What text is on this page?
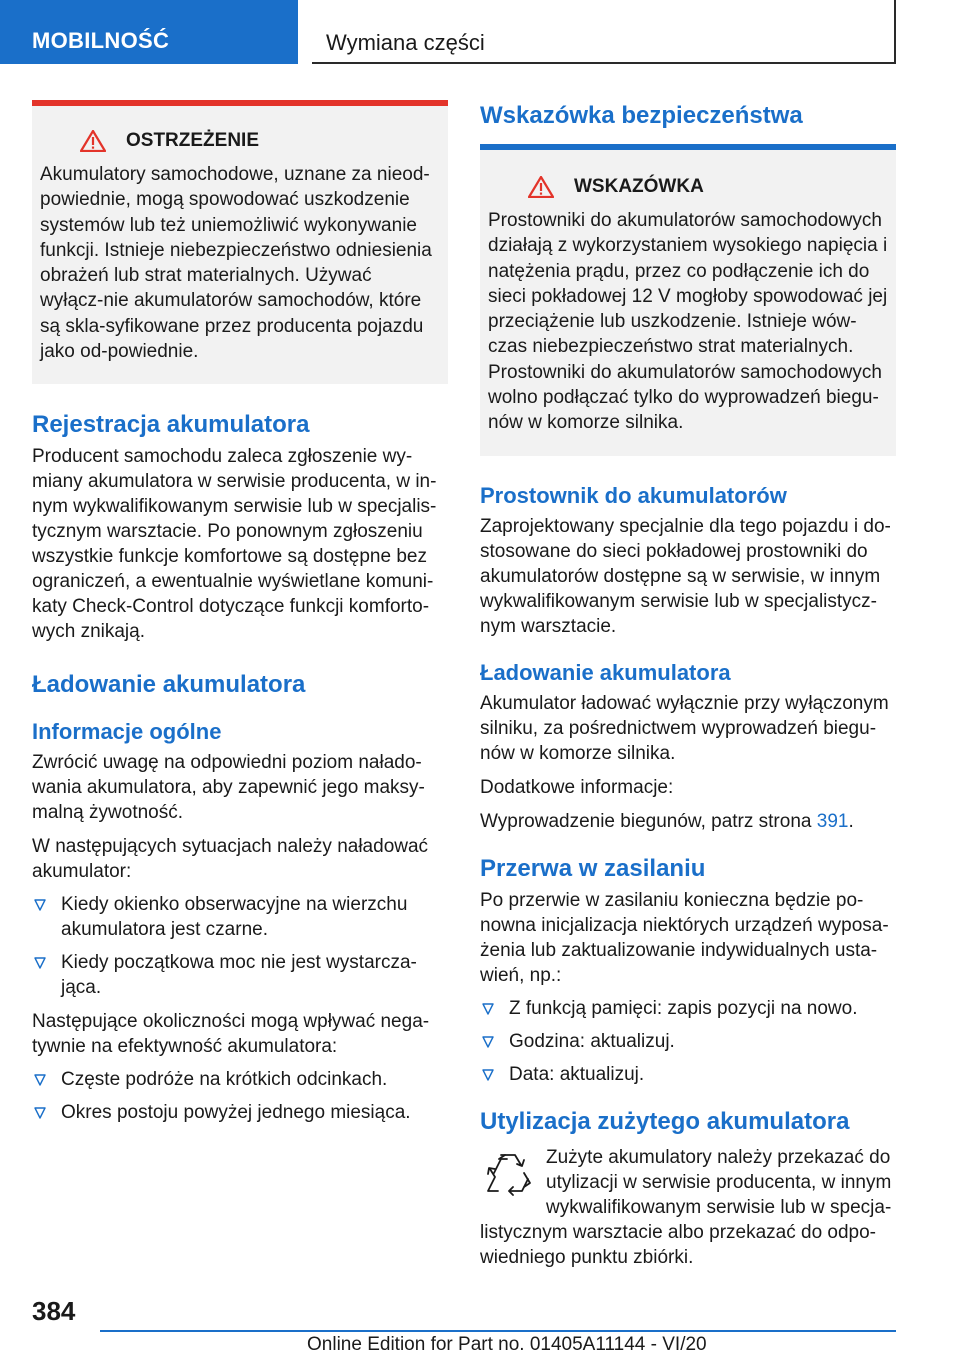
MOBILNOŚĆ	Wymiana części
OSTRZEŻENIE

Akumulatory samochodowe, uznane za nieod-powiednie, mogą spowodować uszkodzenie systemów lub też uniemożliwić wykonywanie funkcji. Istnieje niebezpieczeństwo odniesienia obrażeń lub strat materialnych. Używać wyłącz-nie akumulatorów samochodów, które są skla-syfikowane przez producenta pojazdu jako od-powiednie.

Rejestracja akumulatora

Producent samochodu zaleca zgłoszenie wy-miany akumulatora w serwisie producenta, w in-nym wykwalifikowanym serwisie lub w specjalis-tycznym warsztacie. Po ponownym zgłoszeniu wszystkie funkcje komfortowe są dostępne bez ograniczeń, a ewentualnie wyświetlane komuni-katy Check-Control dotyczące funkcji komforto-wych znikają.

Ładowanie akumulatora
Informacje ogólne

Zwrócić uwagę na odpowiedni poziom nałado-wania akumulatora, aby zapewnić jego maksy-malną żywotność.

W następujących sytuacjach należy naładować akumulator:

Kiedy okienko obserwacyjne na wierzchu akumulatora jest czarne.
Kiedy początkowa moc nie jest wystarcza-jąca.

Następujące okoliczności mogą wpływać nega-tywnie na efektywność akumulatora:

Częste podróże na krótkich odcinkach.
Okres postoju powyżej jednego miesiąca.
Wskazówka bezpieczeństwa
WSKAZÓWKA

Prostowniki do akumulatorów samochodowych działają z wykorzystaniem wysokiego napięcia i natężenia prądu, przez co podłączenie ich do sieci pokładowej 12 V mogłoby spowodować jej przeciążenie lub uszkodzenie. Istnieje wów-czas niebezpieczeństwo strat materialnych. Prostowniki do akumulatorów samochodowych wolno podłączać tylko do wyprowadzeń biegu-nów w komorze silnika.

Prostownik do akumulatorów

Zaprojektowany specjalnie dla tego pojazdu i do-stosowane do sieci pokładowej prostowniki do akumulatorów dostępne są w serwisie, w innym wykwalifikowanym serwisie lub w specjalistycz-nym warsztacie.

Ładowanie akumulatora

Akumulator ładować wyłącznie przy wyłączonym silniku, za pośrednictwem wyprowadzeń biegu-nów w komorze silnika.

Dodatkowe informacje:

Wyprowadzenie biegunów, patrz strona 391.

Przerwa w zasilaniu

Po przerwie w zasilaniu konieczna będzie po-nowna inicjalizacja niektórych urządzeń wyposa-żenia lub zaktualizowanie indywidualnych usta-wień, np.:

Z funkcją pamięci: zapis pozycji na nowo.
Godzina: aktualizuj.
Data: aktualizuj.
Utylizacja zużytego akumulatora

Zużyte akumulatory należy przekazać do utylizacji w serwisie producenta, w innym wykwalifikowanym serwisie lub w specja-listycznym warsztacie albo przekazać do odpo-wiedniego punktu zbiórki.

384
Online Edition for Part no. 01405A11144 - VI/20
